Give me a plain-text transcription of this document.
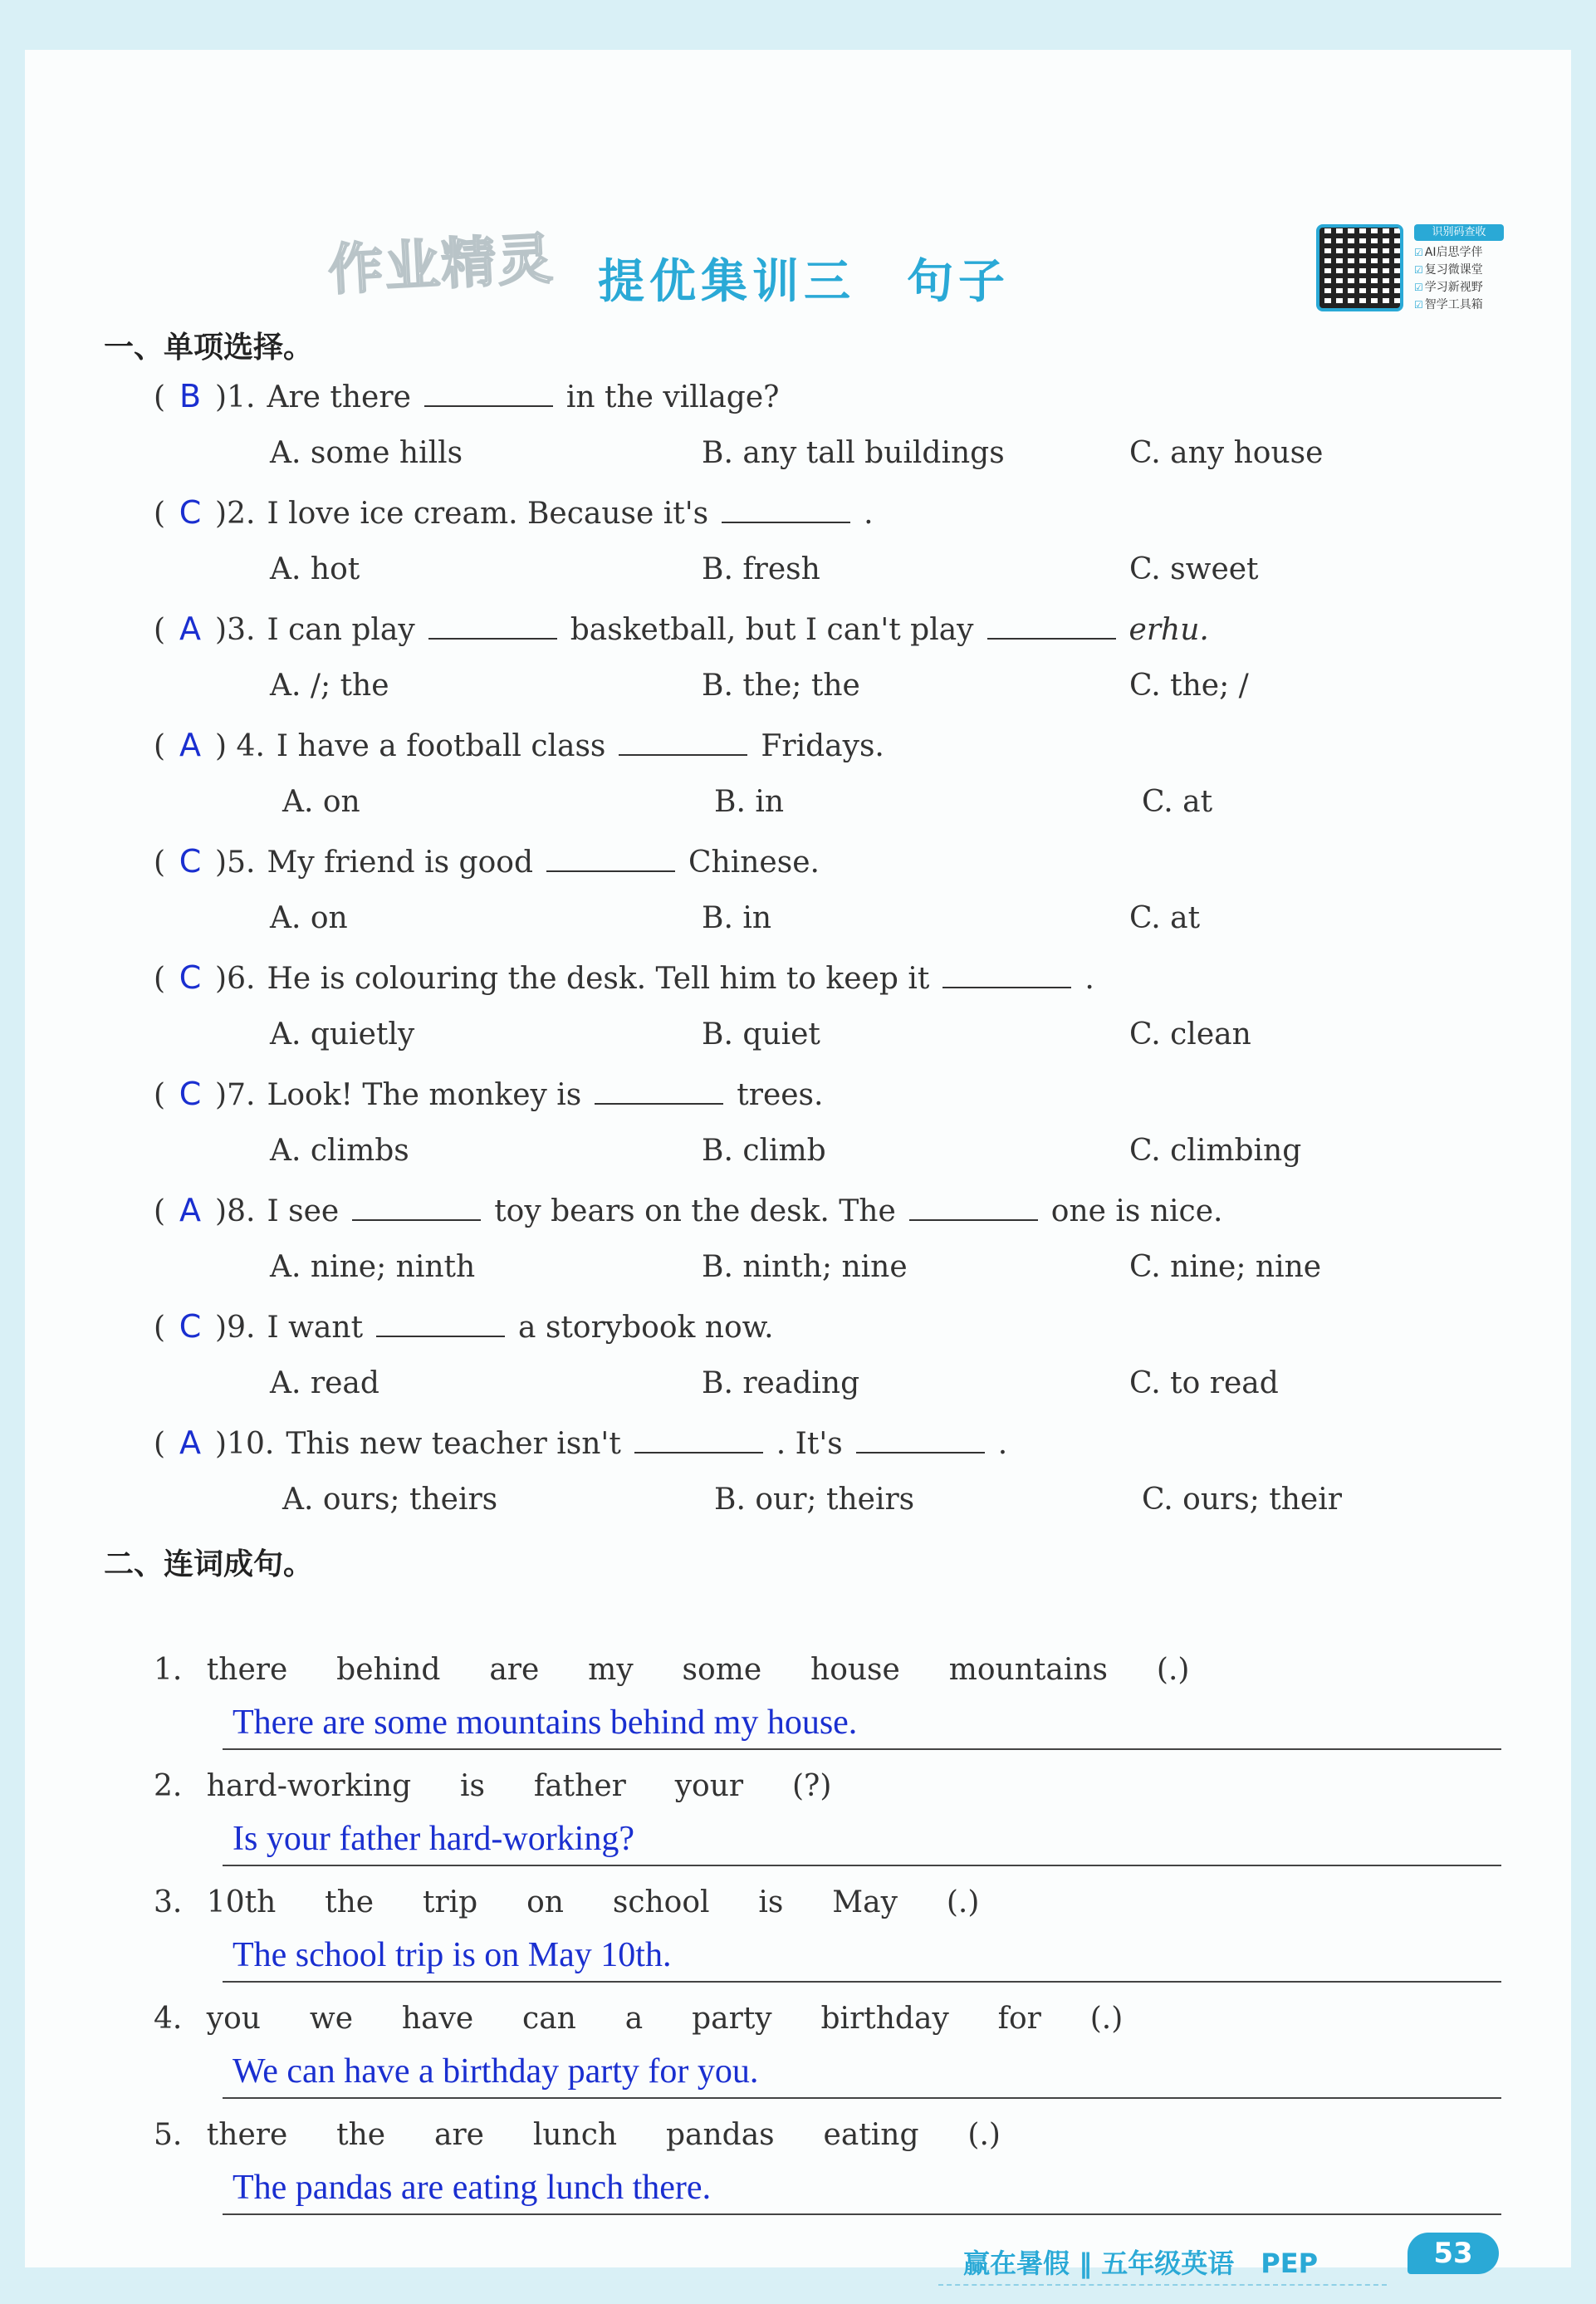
作业精灵 提优集训三　句子
识别码查收
☑ AI启思学伴
☑ 复习微课堂
☑ 学习新视野
☑ 智学工具箱
一、单项选择。
( B )1. Are there	in the village?
A. some hills	B. any tall buildings	C. any house
( C )2. I love ice cream. Because it's	.
A. hot	B. fresh	C. sweet
( A )3. I can play	basketball, but I can't play	erhu.
A. /; the	B. the; the	C. the; /
( A ) 4. I have a football class	Fridays.
A. on	B. in	C. at
( C )5. My friend is good	Chinese.
A. on	B. in	C. at
( C )6. He is colouring the desk. Tell him to keep it	.
A. quietly	B. quiet	C. clean
( C )7. Look! The monkey is	trees.
A. climbs	B. climb	C. climbing
( A )8. I see	toy bears on the desk. The	one is nice.
A. nine; ninth	B. ninth; nine	C. nine; nine
( C )9. I want	a storybook now.
A. read	B. reading	C. to read
( A )10. This new teacher isn't	. It's	.
A. ours; theirs	B. our; theirs	C. ours; their
二、连词成句。
1. there  behind  are  my  some  house  mountains  (.)
There are some mountains behind my house.
2. hard-working  is  father  your  (?)
Is your father hard-working?
3. 10th  the  trip  on  school  is  May  (.)
The school trip is on May 10th.
4. you  we  have  can  a  party  birthday  for  (.)
We can have a birthday party for you.
5. there  the  are  lunch  pandas  eating  (.)
The pandas are eating lunch there.
赢在暑假 ‖ 五年级英语　PEP	53
